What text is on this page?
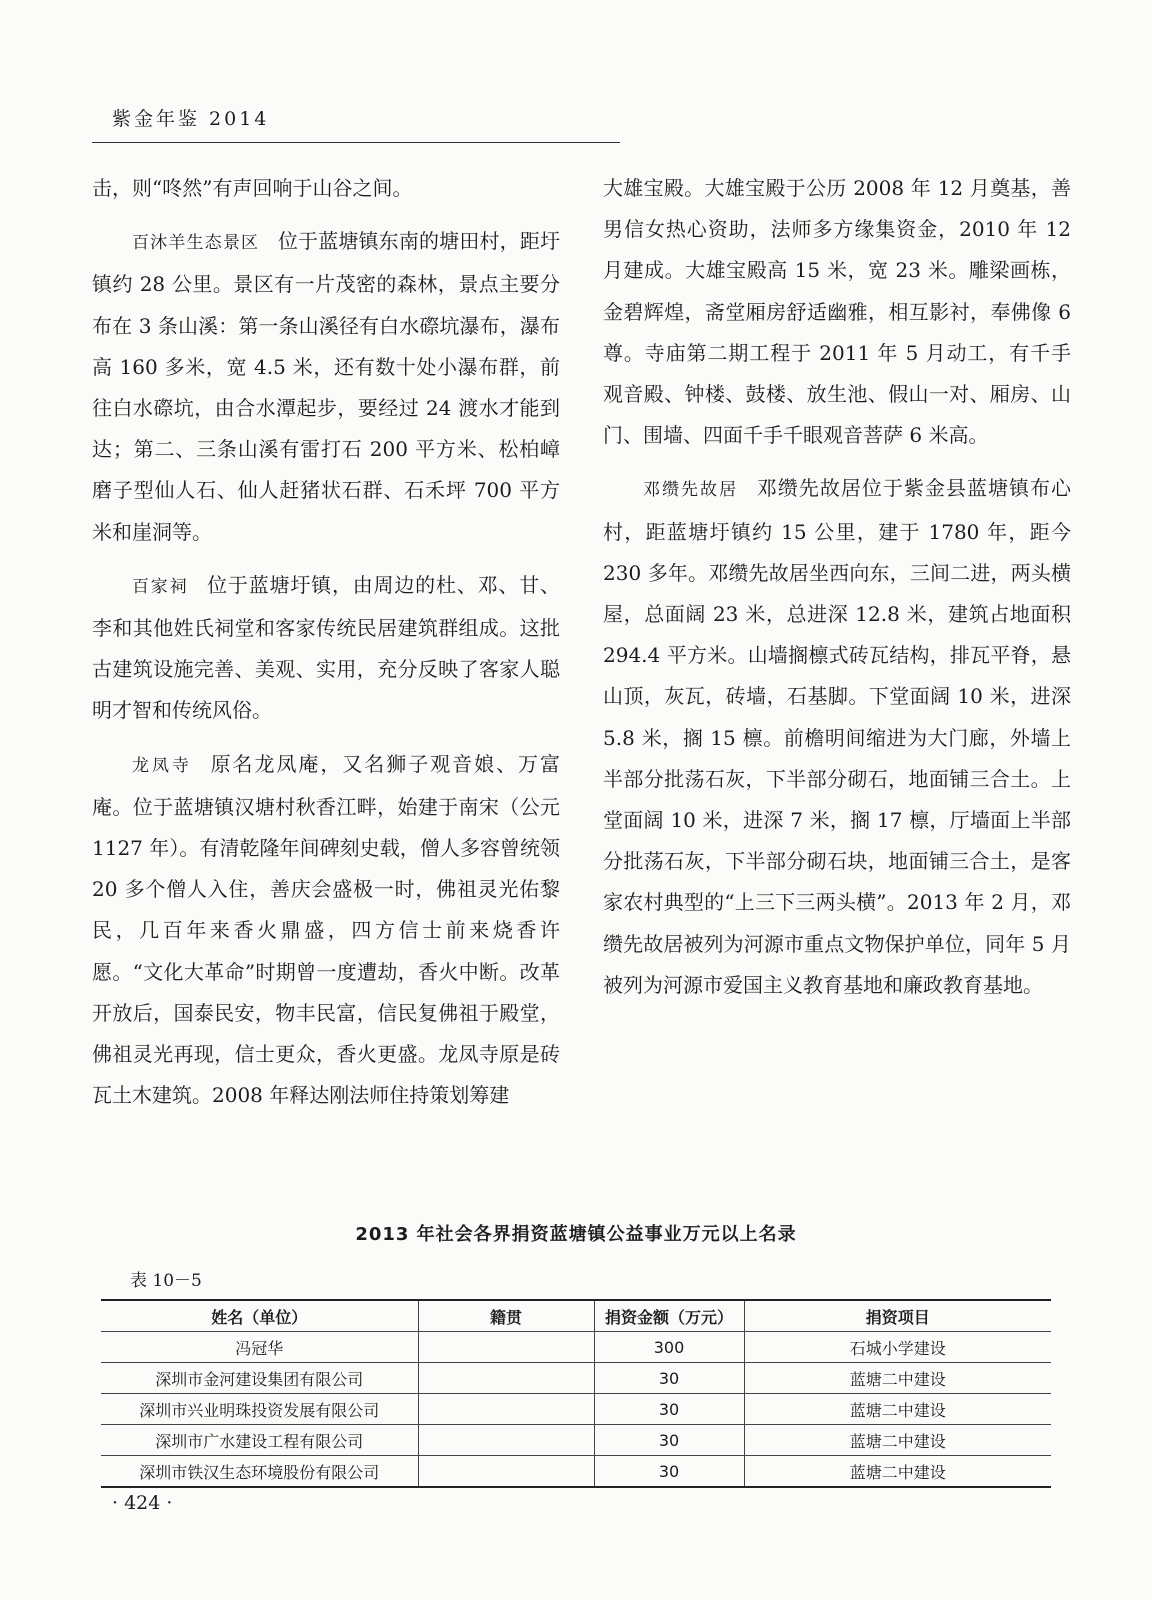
紫金年鉴 2014

击，则“咚然”有声回响于山谷之间。

百沐羊生态景区 位于蓝塘镇东南的塘田村，距圩镇约 28 公里。景区有一片茂密的森林，景点主要分布在 3 条山溪：第一条山溪径有白水磜坑瀑布，瀑布高 160 多米，宽 4.5 米，还有数十处小瀑布群，前往白水磜坑，由合水潭起步，要经过 24 渡水才能到达；第二、三条山溪有雷打石 200 平方米、松柏嶂磨子型仙人石、仙人赶猪状石群、石禾坪 700 平方米和崖洞等。

百家祠 位于蓝塘圩镇，由周边的杜、邓、甘、李和其他姓氏祠堂和客家传统民居建筑群组成。这批古建筑设施完善、美观、实用，充分反映了客家人聪明才智和传统风俗。

龙凤寺 原名龙凤庵，又名狮子观音娘、万富庵。位于蓝塘镇汉塘村秋香江畔，始建于南宋（公元 1127 年）。有清乾隆年间碑刻史载，僧人多容曾统领 20 多个僧人入住，善庆会盛极一时，佛祖灵光佑黎民，几百年来香火鼎盛，四方信士前来烧香许愿。“文化大革命”时期曾一度遭劫，香火中断。改革开放后，国泰民安，物丰民富，信民复佛祖于殿堂，佛祖灵光再现，信士更众，香火更盛。龙凤寺原是砖瓦土木建筑。2008 年释达刚法师住持策划筹建

大雄宝殿。大雄宝殿于公历 2008 年 12 月奠基，善男信女热心资助，法师多方缘集资金，2010 年 12 月建成。大雄宝殿高 15 米，宽 23 米。雕梁画栋，金碧辉煌，斋堂厢房舒适幽雅，相互影衬，奉佛像 6 尊。寺庙第二期工程于 2011 年 5 月动工，有千手观音殿、钟楼、鼓楼、放生池、假山一对、厢房、山门、围墙、四面千手千眼观音菩萨 6 米高。

邓缵先故居 邓缵先故居位于紫金县蓝塘镇布心村，距蓝塘圩镇约 15 公里，建于 1780 年，距今 230 多年。邓缵先故居坐西向东，三间二进，两头横屋，总面阔 23 米，总进深 12.8 米，建筑占地面积 294.4 平方米。山墙搁檩式砖瓦结构，排瓦平脊，悬山顶，灰瓦，砖墙，石基脚。下堂面阔 10 米，进深 5.8 米，搁 15 檩。前檐明间缩进为大门廊，外墙上半部分批荡石灰，下半部分砌石，地面铺三合土。上堂面阔 10 米，进深 7 米，搁 17 檩，厅墙面上半部分批荡石灰，下半部分砌石块，地面铺三合土，是客家农村典型的“上三下三两头横”。2013 年 2 月，邓缵先故居被列为河源市重点文物保护单位，同年 5 月被列为河源市爱国主义教育基地和廉政教育基地。

2013 年社会各界捐资蓝塘镇公益事业万元以上名录
表 10－5
姓名（单位）	籍贯	捐资金额（万元）	捐资项目
冯冠华		300	石城小学建设
深圳市金河建设集团有限公司		30	蓝塘二中建设
深圳市兴业明珠投资发展有限公司		30	蓝塘二中建设
深圳市广水建设工程有限公司		30	蓝塘二中建设
深圳市铁汉生态环境股份有限公司		30	蓝塘二中建设
· 424 ·
